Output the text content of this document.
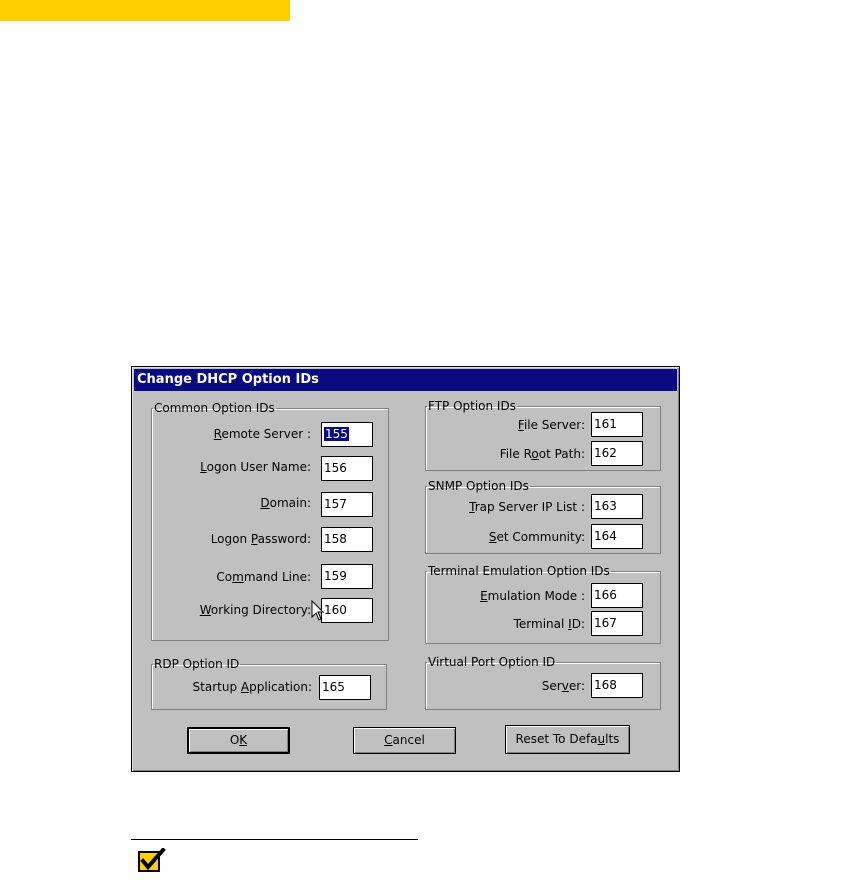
Change DHCP Option IDs
Common Option IDs
Remote Server :	155
Logon User Name: 156
Domain: 157
Logon Password: 158
Command Line: 159
Working Directory: 160
RDP Option ID
Startup Application: 165
FTP Option IDs
File Server: 161
File Root Path: 162
SNMP Option IDs
Trap Server IP List : 163
Set Community: 164
Terminal Emulation Option IDs
Emulation Mode : 166
Terminal ID: 167
Virtual Port Option ID
Server: 168
OK	Cancel	Reset To Defaults
